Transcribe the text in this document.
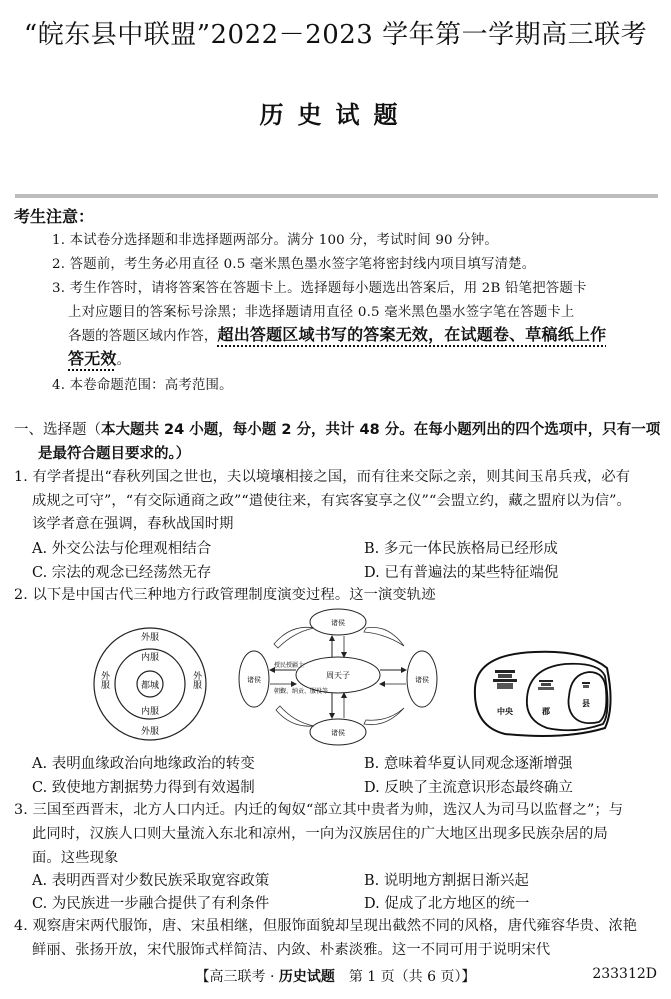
“皖东县中联盟”2022－2023 学年第一学期高三联考
历史试题
考生注意：
1. 本试卷分选择题和非选择题两部分。满分 100 分，考试时间 90 分钟。
2. 答题前，考生务必用直径 0.5 毫米黑色墨水签字笔将密封线内项目填写清楚。
3. 考生作答时，请将答案答在答题卡上。选择题每小题选出答案后，用 2B 铅笔把答题卡
上对应题目的答案标号涂黑；非选择题请用直径 0.5 毫米黑色墨水签字笔在答题卡上
各题的答题区域内作答，超出答题区域书写的答案无效，在试题卷、草稿纸上作
答无效。
4. 本卷命题范围：高考范围。
一、选择题（本大题共 24 小题，每小题 2 分，共计 48 分。在每小题列出的四个选项中，只有一项
是最符合题目要求的。）
1. 有学者提出“春秋列国之世也，夫以境壤相接之国，而有往来交际之亲，则其间玉帛兵戎，必有
成规之可守”，“有交际通商之政”“遣使往来，有宾客宴享之仪”“会盟立约，藏之盟府以为信”。
该学者意在强调，春秋战国时期
A. 外交公法与伦理观相结合	B. 多元一体民族格局已经形成
C. 宗法的观念已经荡然无存	D. 已有普遍法的某些特征端倪
2. 以下是中国古代三种地方行政管理制度演变过程。这一演变轨迹
外服
内服
都城
内服
外服
外服	外服	周天子
诸侯
诸侯
诸侯	诸侯
授民授疆土
朝觐、纳贡、服役等
中央	郡
县
A. 表明血缘政治向地缘政治的转变	B. 意味着华夏认同观念逐渐增强
C. 致使地方割据势力得到有效遏制	D. 反映了主流意识形态最终确立
3. 三国至西晋末，北方人口内迁。内迁的匈奴“部立其中贵者为帅，选汉人为司马以监督之”；与
此同时，汉族人口则大量流入东北和凉州，一向为汉族居住的广大地区出现多民族杂居的局
面。这些现象
A. 表明西晋对少数民族采取宽容政策	B. 说明地方割据日渐兴起
C. 为民族进一步融合提供了有利条件	D. 促成了北方地区的统一
4. 观察唐宋两代服饰，唐、宋虽相继，但服饰面貌却呈现出截然不同的风格，唐代雍容华贵、浓艳
鲜丽、张扬开放，宋代服饰式样简洁、内敛、朴素淡雅。这一不同可用于说明宋代
【高三联考 · 历史试题　第 1 页（共 6 页）】	233312D
